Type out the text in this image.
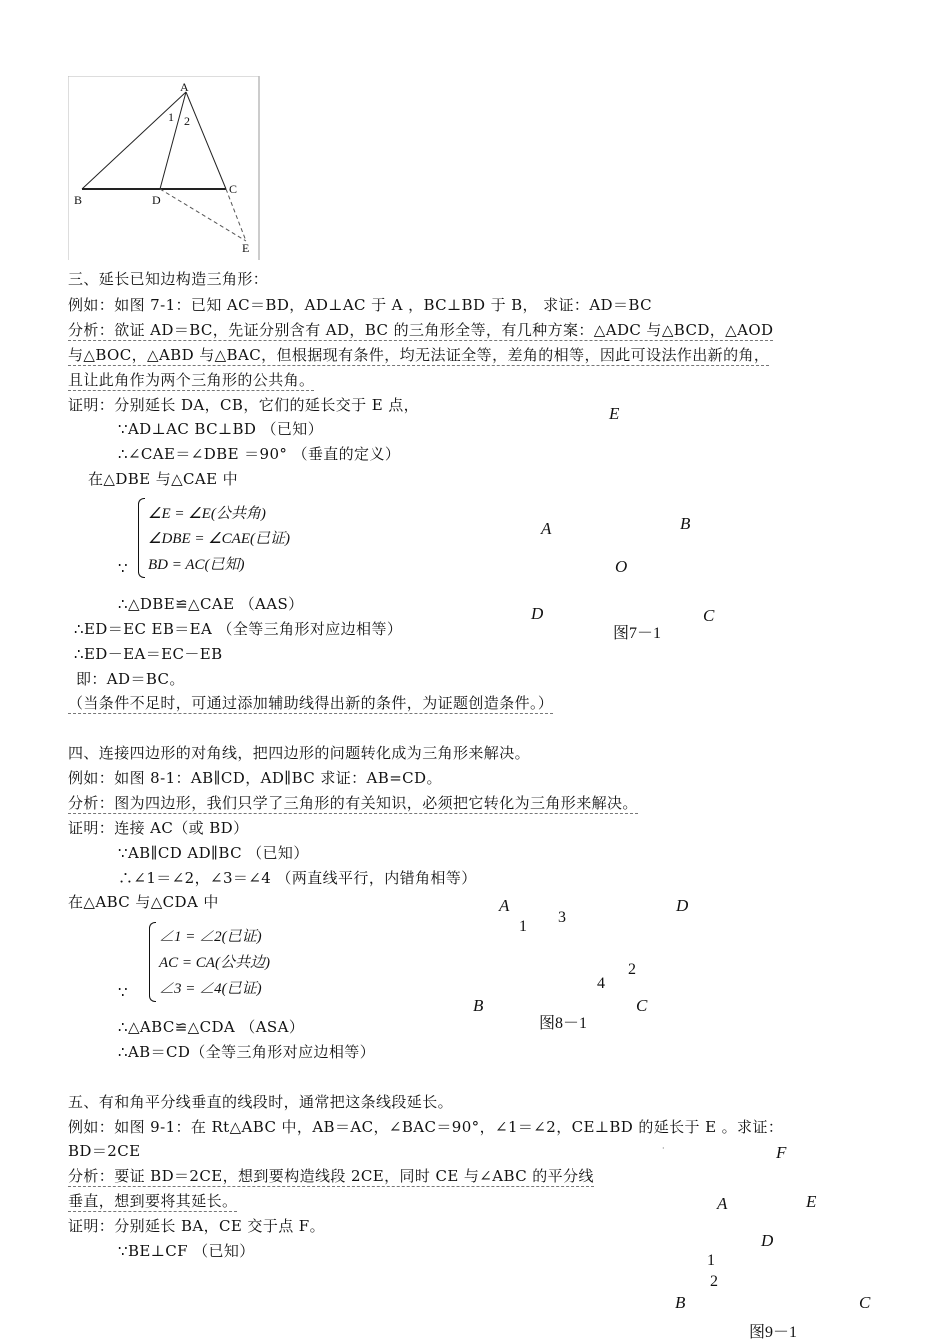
A
1 2
B	D
C
E
三、延长已知边构造三角形：
例如：如图 7-1：已知 AC＝BD，AD⊥AC 于 A ，BC⊥BD 于 B， 求证：AD＝BC
分析：欲证 AD＝BC，先证分别含有 AD，BC 的三角形全等，有几种方案：△ADC 与△BCD，△AOD
与△BOC，△ABD 与△BAC，但根据现有条件，均无法证全等，差角的相等，因此可设法作出新的角，
且让此角作为两个三角形的公共角。
证明：分别延长 DA，CB，它们的延长交于 E 点，
∵AD⊥AC BC⊥BD （已知）
∴∠CAE＝∠DBE ＝90° （垂直的定义）
在△DBE 与△CAE 中
∠E = ∠E(公共角)
∠DBE = ∠CAE(已证)
BD = AC(已知)
∵
∴△DBE≌△CAE （AAS）
∴ED＝EC EB＝EA （全等三角形对应边相等）
∴ED－EA＝EC－EB
即：AD＝BC。
（当条件不足时，可通过添加辅助线得出新的条件，为证题创造条件。）
E
A	B
O
D	C
图7－1
四、连接四边形的对角线，把四边形的问题转化成为三角形来解决。
例如：如图 8-1：AB∥CD，AD∥BC 求证：AB=CD。
分析：图为四边形，我们只学了三角形的有关知识，必须把它转化为三角形来解决。
证明：连接 AC（或 BD）
∵AB∥CD AD∥BC （已知）
∴∠1＝∠2，∠3＝∠4 （两直线平行，内错角相等）
在△ABC 与△CDA 中
∠1 = ∠2(已证)
AC = CA(公共边)
∠3 = ∠4(已证)
∵
∴△ABC≌△CDA （ASA）
∴AB＝CD（全等三角形对应边相等）
A	D
1
3
2
4
B	C
图8－1
五、有和角平分线垂直的线段时，通常把这条线段延长。
例如：如图 9-1：在 Rt△ABC 中，AB＝AC，∠BAC＝90°，∠1＝∠2，CE⊥BD 的延长于 E 。求证：
BD＝2CE
分析：要证 BD＝2CE，想到要构造线段 2CE，同时 CE 与∠ABC 的平分线
垂直，想到要将其延长。
证明：分别延长 BA，CE 交于点 F。
∵BE⊥CF （已知）
·	F
A	E
D
1
2
B	C
图9－1
